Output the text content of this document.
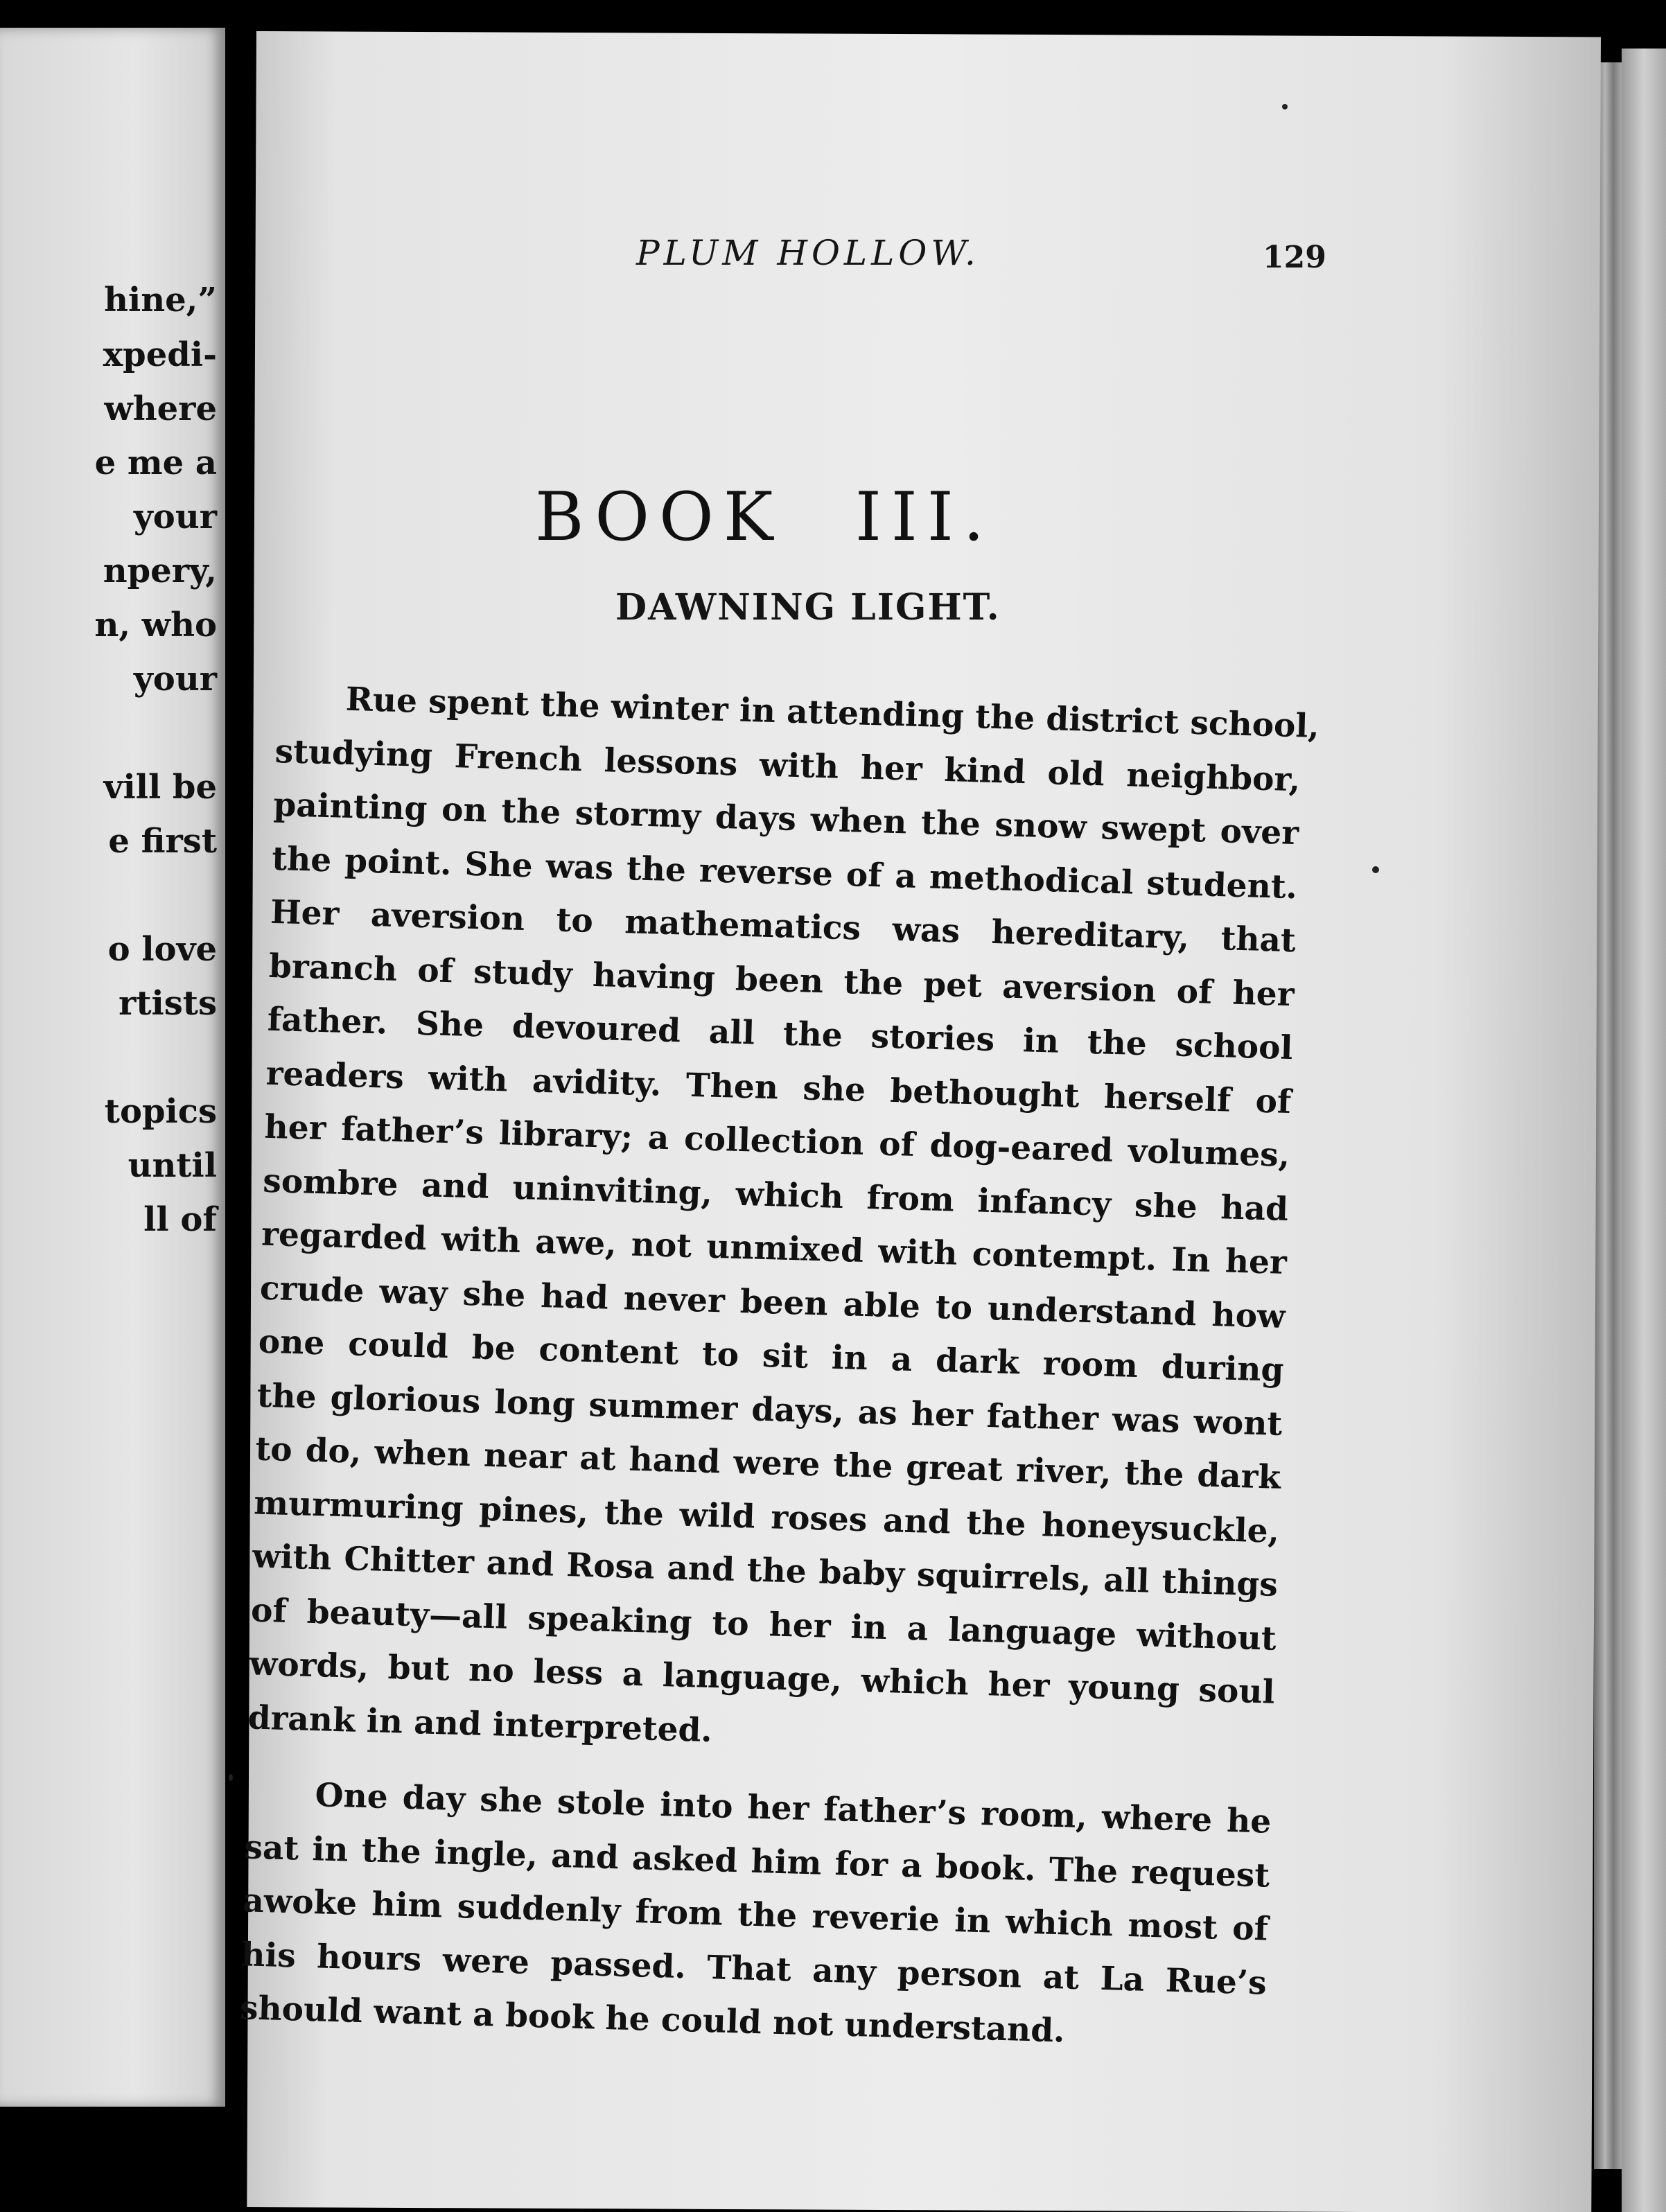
hine,”
xpedi-
where
e me a
your
npery,
n, who
your
vill be
e first
o love
rtists
topics
until
ll of
PLUM HOLLOW.	129
BOOK III.
DAWNING LIGHT.
Rue spent the winter in attending the district school,
studying French lessons with her kind old neighbor,
painting on the stormy days when the snow swept over
the point. She was the reverse of a methodical student.
Her aversion to mathematics was hereditary, that
branch of study having been the pet aversion of her
father. She devoured all the stories in the school
readers with avidity. Then she bethought herself of
her father’s library; a collection of dog-eared volumes,
sombre and uninviting, which from infancy she had
regarded with awe, not unmixed with contempt. In her
crude way she had never been able to understand how
one could be content to sit in a dark room during
the glorious long summer days, as her father was wont
to do, when near at hand were the great river, the dark
murmuring pines, the wild roses and the honeysuckle,
with Chitter and Rosa and the baby squirrels, all things
of beauty—all speaking to her in a language without
words, but no less a language, which her young soul
drank in and interpreted.
One day she stole into her father’s room, where he
sat in the ingle, and asked him for a book. The request
awoke him suddenly from the reverie in which most of
his hours were passed. That any person at La Rue’s
should want a book he could not understand.
